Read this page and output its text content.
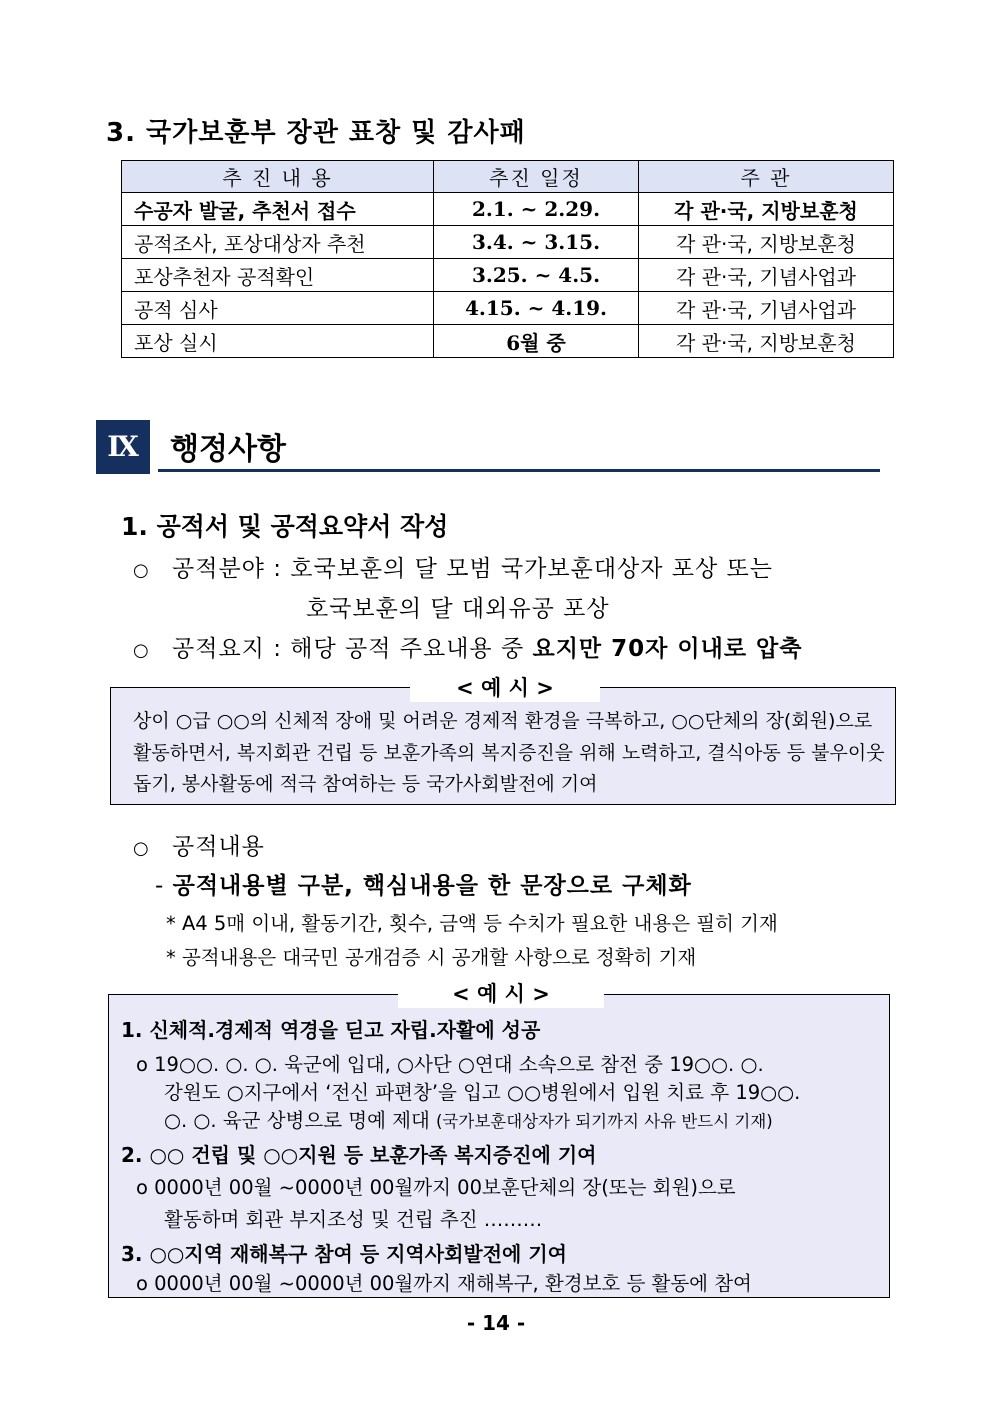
3. 국가보훈부 장관 표창 및 감사패
추 진 내 용	추진 일정	주 관
수공자 발굴, 추천서 접수	2.1. ~ 2.29.	각 관·국, 지방보훈청
공적조사, 포상대상자 추천	3.4. ~ 3.15.	각 관·국, 지방보훈청
포상추천자 공적확인	3.25. ~ 4.5.	각 관·국, 기념사업과
공적 심사	4.15. ~ 4.19.	각 관·국, 기념사업과
포상 실시	6월 중	각 관·국, 지방보훈청
Ⅸ	행정사항
1. 공적서 및 공적요약서 작성
○ 공적분야 : 호국보훈의 달 모범 국가보훈대상자 포상 또는
호국보훈의 달 대외유공 포상
○ 공적요지 : 해당 공적 주요내용 중 요지만 70자 이내로 압축
< 예 시 >
상이 ○급 ○○의 신체적 장애 및 어려운 경제적 환경을 극복하고, ○○단체의 장(회원)으로 활동하면서, 복지회관 건립 등 보훈가족의 복지증진을 위해 노력하고, 결식아동 등 불우이웃 돕기, 봉사활동에 적극 참여하는 등 국가사회발전에 기여
○ 공적내용
- 공적내용별 구분, 핵심내용을 한 문장으로 구체화
* A4 5매 이내, 활동기간, 횟수, 금액 등 수치가 필요한 내용은 필히 기재
* 공적내용은 대국민 공개검증 시 공개할 사항으로 정확히 기재
< 예 시 >
1. 신체적.경제적 역경을 딛고 자립.자활에 성공
o 19○○. ○. ○. 육군에 입대, ○사단 ○연대 소속으로 참전 중 19○○. ○.
강원도 ○지구에서 ‘전신 파편창’을 입고 ○○병원에서 입원 치료 후 19○○.
○. ○. 육군 상병으로 명예 제대 (국가보훈대상자가 되기까지 사유 반드시 기재)
2. ○○ 건립 및 ○○지원 등 보훈가족 복지증진에 기여
o 0000년 00월 ~0000년 00월까지 00보훈단체의 장(또는 회원)으로
활동하며 회관 부지조성 및 건립 추진 ………
3. ○○지역 재해복구 참여 등 지역사회발전에 기여
o 0000년 00월 ~0000년 00월까지 재해복구, 환경보호 등 활동에 참여
- 14 -
